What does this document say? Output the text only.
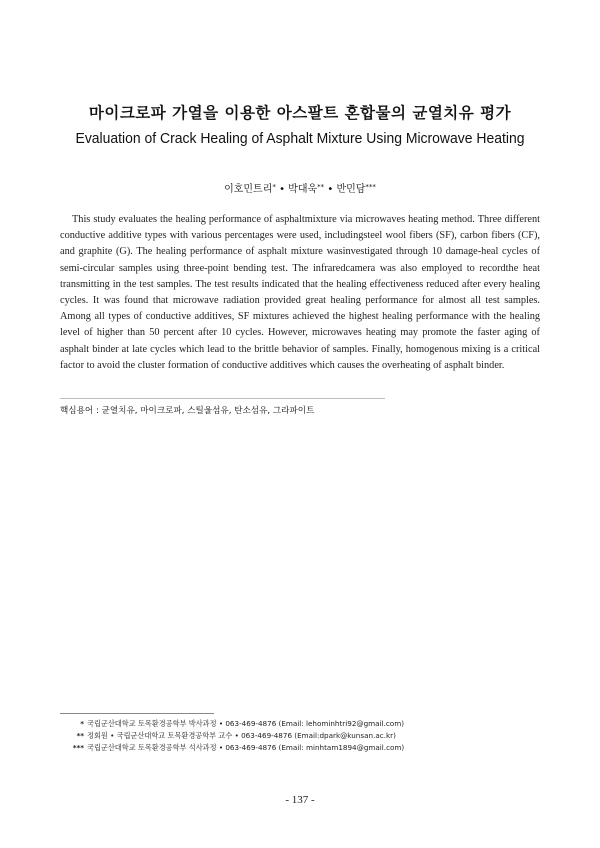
마이크로파 가열을 이용한 아스팔트 혼합물의 균열치유 평가
Evaluation of Crack Healing of Asphalt Mixture Using Microwave Heating
이호민트리* • 박대욱** • 반민담***

This study evaluates the healing performance of asphaltmixture via microwaves heating method. Three different conductive additive types with various percentages were used, includingsteel wool fibers (SF), carbon fibers (CF), and graphite (G). The healing performance of asphalt mixture wasinvestigated through 10 damage-heal cycles of semi-circular samples using three-point bending test. The infraredcamera was also employed to recordthe heat transmitting in the test samples. The test results indicated that the healing effectiveness reduced after every healing cycles. It was found that microwave radiation provided great healing performance for almost all test samples. Among all types of conductive additives, SF mixtures achieved the highest healing performance with the healing level of higher than 50 percent after 10 cycles. However, microwaves heating may promote the faster aging of asphalt binder at late cycles which lead to the brittle behavior of samples. Finally, homogenous mixing is a critical factor to avoid the cluster formation of conductive additives which causes the overheating of asphalt binder.

핵심용어 : 균열치유, 마이크로파, 스틸울섬유, 탄소섬유, 그라파이트
* 국립군산대학교 토목환경공학부 박사과정 • 063-469-4876 (Email: lehominhtri92@gmail.com)
** 정회원 • 국립군산대학교 토목환경공학부 교수 • 063-469-4876 (Email:dpark@kunsan.ac.kr)
*** 국립군산대학교 토목환경공학부 석사과정 • 063-469-4876 (Email: minhtam1894@gmail.com)
- 137 -
